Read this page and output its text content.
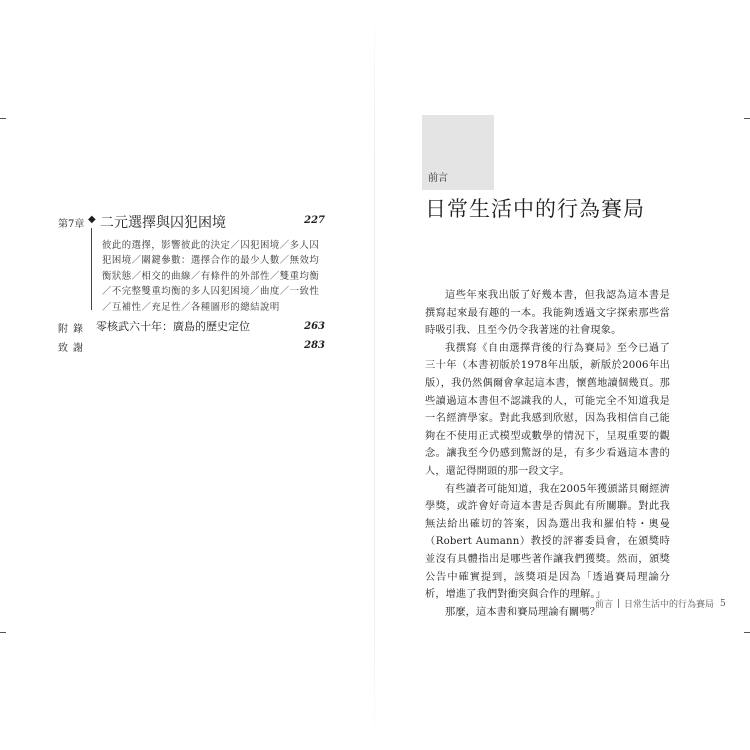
第7章 ◆ 二元選擇與囚犯困境	227

彼此的選擇，影響彼此的決定／囚犯困境／多人囚犯困境／關鍵參數：選擇合作的最少人數／無效均衡狀態／相交的曲線／有條件的外部性／雙重均衡／不完整雙重均衡的多人囚犯困境／曲度／一致性／互補性／充足性／各種圖形的總結說明

附錄 零核武六十年：廣島的歷史定位	263
致謝	283
前言
日常生活中的行為賽局

這些年來我出版了好幾本書，但我認為這本書是撰寫起來最有趣的一本。我能夠透過文字探索那些當時吸引我、且至今仍令我著迷的社會現象。

我撰寫《自由選擇背後的行為賽局》至今已過了三十年（本書初版於1978年出版，新版於2006年出版），我仍然偶爾會拿起這本書，懷舊地讀個幾頁。那些讀過這本書但不認識我的人，可能完全不知道我是一名經濟學家。對此我感到欣慰，因為我相信自己能夠在不使用正式模型或數學的情況下，呈現重要的觀念。讓我至今仍感到驚訝的是，有多少看過這本書的人，還記得開頭的那一段文字。

有些讀者可能知道，我在2005年獲頒諾貝爾經濟學獎，或許會好奇這本書是否與此有所關聯。對此我無法給出確切的答案，因為選出我和羅伯特・奧曼（Robert Aumann）教授的評審委員會，在頒獎時並沒有具體指出是哪些著作讓我們獲獎。然而，頒獎公告中確實提到，該獎項是因為「透過賽局理論分析，增進了我們對衝突與合作的理解。」

那麼，這本書和賽局理論有關嗎？

前言 日常生活中的行為賽局 5
